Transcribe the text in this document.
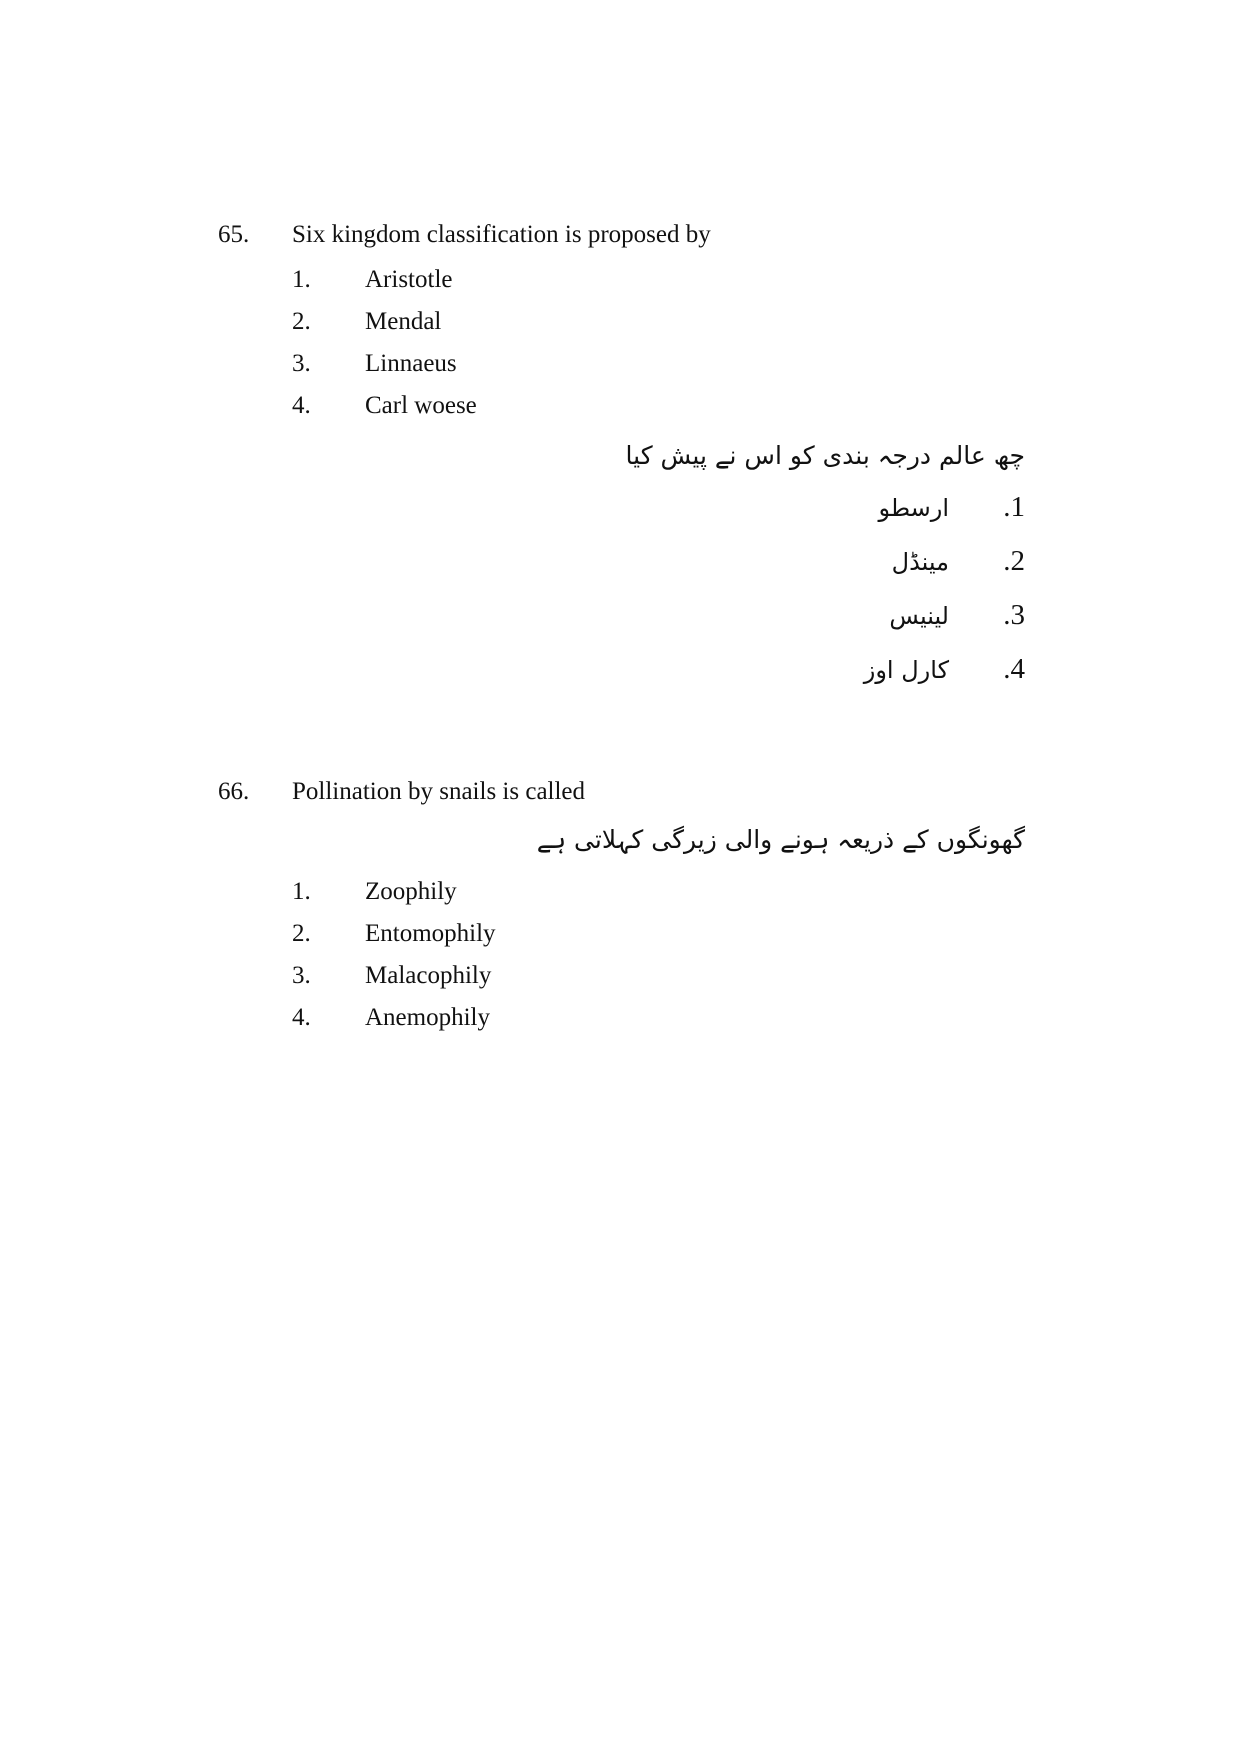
65. Six kingdom classification is proposed by
1. Aristotle
2. Mendal
3. Linnaeus
4. Carl woese
چھ عالم درجہ بندی کو اس نے پیش کیا
ارسطو .1
مینڈل .2
لینیس .3
کارل اوز .4
66. Pollination by snails is called
گھونگوں کے ذریعہ ہونے والی زیرگی کہلاتی ہے
1. Zoophily
2. Entomophily
3. Malacophily
4. Anemophily
